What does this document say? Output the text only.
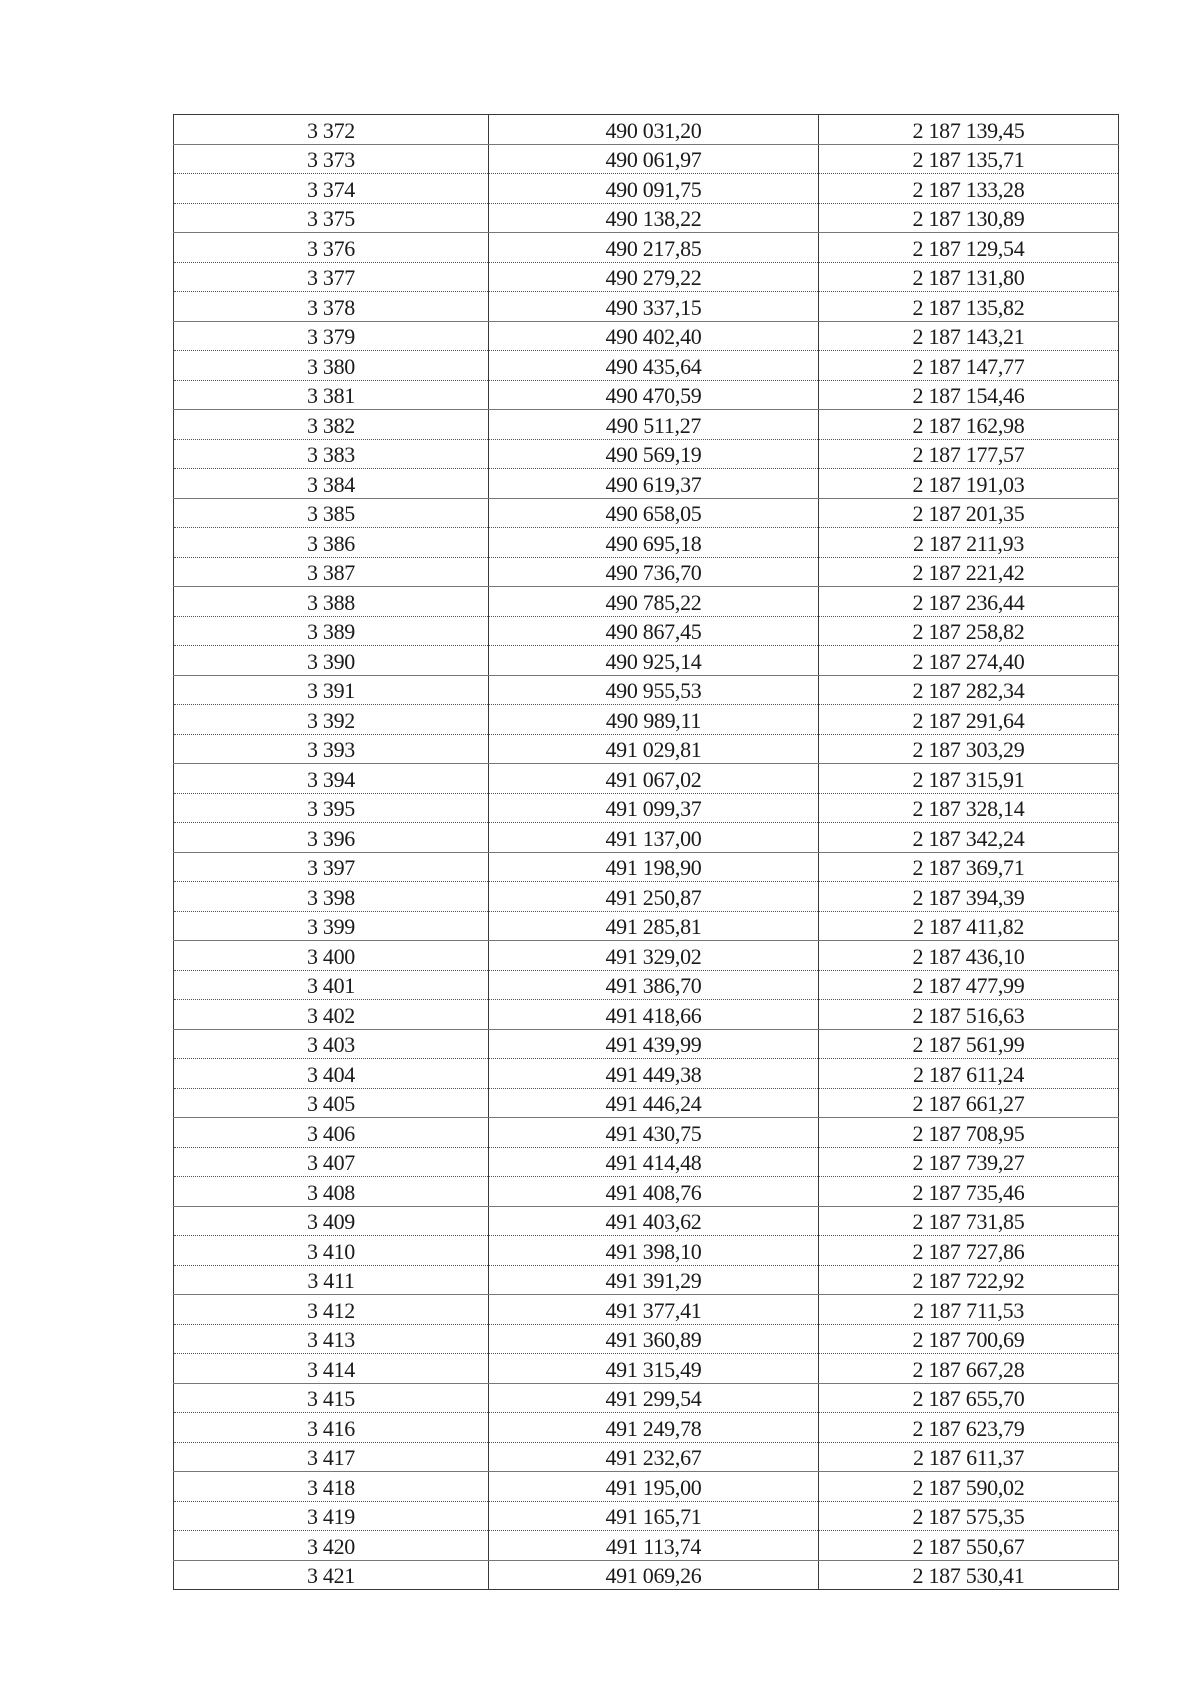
3 372	490 031,20	2 187 139,45
3 373	490 061,97	2 187 135,71
3 374	490 091,75	2 187 133,28
3 375	490 138,22	2 187 130,89
3 376	490 217,85	2 187 129,54
3 377	490 279,22	2 187 131,80
3 378	490 337,15	2 187 135,82
3 379	490 402,40	2 187 143,21
3 380	490 435,64	2 187 147,77
3 381	490 470,59	2 187 154,46
3 382	490 511,27	2 187 162,98
3 383	490 569,19	2 187 177,57
3 384	490 619,37	2 187 191,03
3 385	490 658,05	2 187 201,35
3 386	490 695,18	2 187 211,93
3 387	490 736,70	2 187 221,42
3 388	490 785,22	2 187 236,44
3 389	490 867,45	2 187 258,82
3 390	490 925,14	2 187 274,40
3 391	490 955,53	2 187 282,34
3 392	490 989,11	2 187 291,64
3 393	491 029,81	2 187 303,29
3 394	491 067,02	2 187 315,91
3 395	491 099,37	2 187 328,14
3 396	491 137,00	2 187 342,24
3 397	491 198,90	2 187 369,71
3 398	491 250,87	2 187 394,39
3 399	491 285,81	2 187 411,82
3 400	491 329,02	2 187 436,10
3 401	491 386,70	2 187 477,99
3 402	491 418,66	2 187 516,63
3 403	491 439,99	2 187 561,99
3 404	491 449,38	2 187 611,24
3 405	491 446,24	2 187 661,27
3 406	491 430,75	2 187 708,95
3 407	491 414,48	2 187 739,27
3 408	491 408,76	2 187 735,46
3 409	491 403,62	2 187 731,85
3 410	491 398,10	2 187 727,86
3 411	491 391,29	2 187 722,92
3 412	491 377,41	2 187 711,53
3 413	491 360,89	2 187 700,69
3 414	491 315,49	2 187 667,28
3 415	491 299,54	2 187 655,70
3 416	491 249,78	2 187 623,79
3 417	491 232,67	2 187 611,37
3 418	491 195,00	2 187 590,02
3 419	491 165,71	2 187 575,35
3 420	491 113,74	2 187 550,67
3 421	491 069,26	2 187 530,41
